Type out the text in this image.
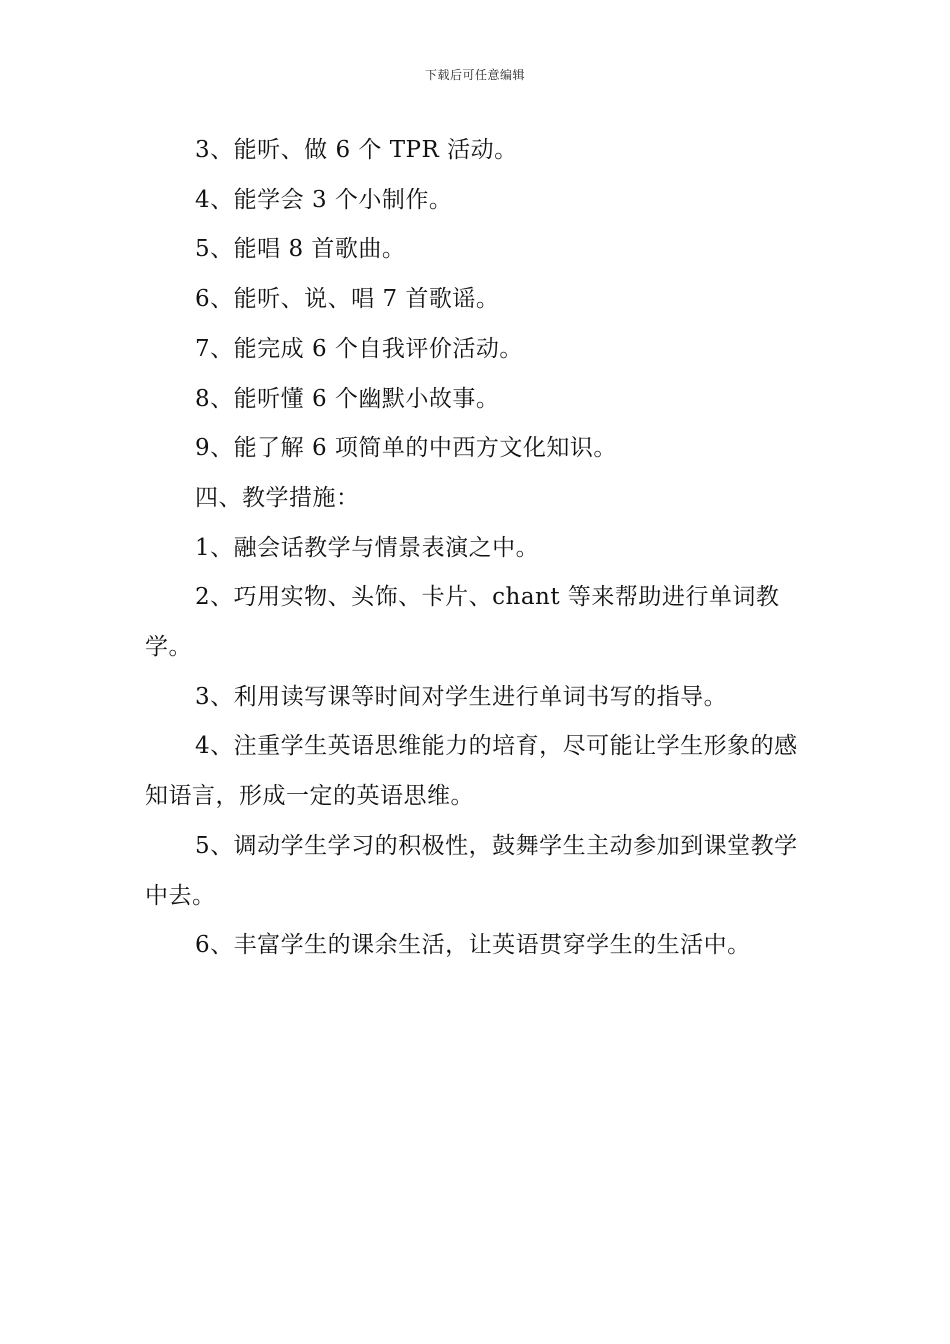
下载后可任意编辑

3、能听、做 6 个 TPR 活动。

4、能学会 3 个小制作。

5、能唱 8 首歌曲。

6、能听、说、唱 7 首歌谣。

7、能完成 6 个自我评价活动。

8、能听懂 6 个幽默小故事。

9、能了解 6 项简单的中西方文化知识。

四、教学措施：

1、融会话教学与情景表演之中。

2、巧用实物、头饰、卡片、chant 等来帮助进行单词教学。

3、利用读写课等时间对学生进行单词书写的指导。

4、注重学生英语思维能力的培育，尽可能让学生形象的感知语言，形成一定的英语思维。

5、调动学生学习的积极性，鼓舞学生主动参加到课堂教学中去。

6、丰富学生的课余生活，让英语贯穿学生的生活中。
